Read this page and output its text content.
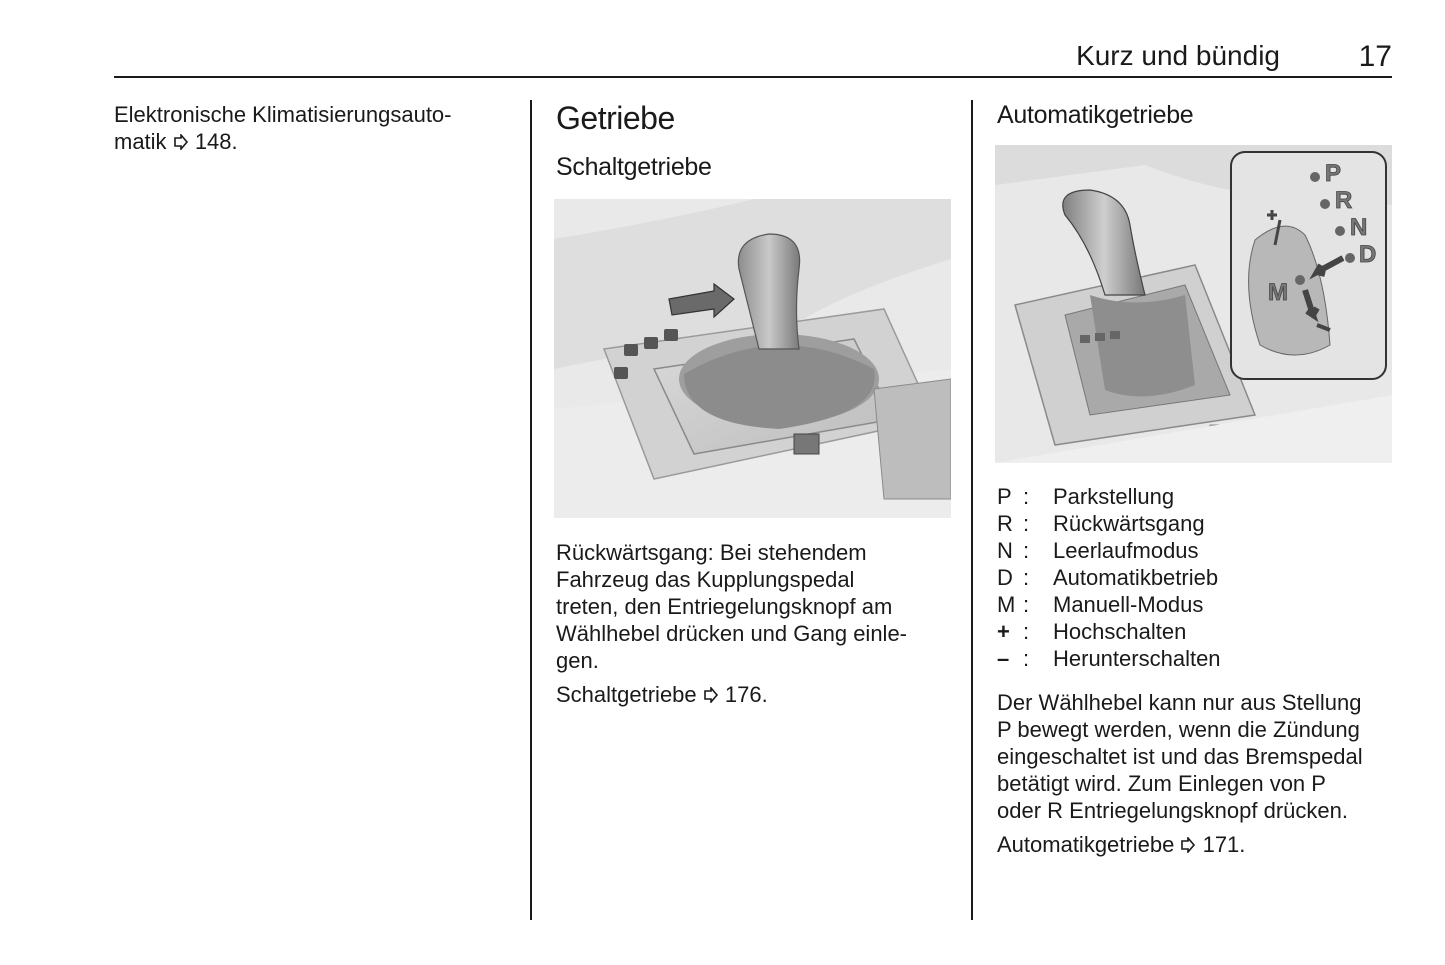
Kurz und bündig	17

Elektronische Klimatisierungsauto-

matik 148.

Getriebe
Schaltgetriebe

Rückwärtsgang: Bei stehendem

Fahrzeug das Kupplungspedal

treten, den Entriegelungsknopf am

Wählhebel drücken und Gang einle-

gen.

Schaltgetriebe 176.

Automatikgetriebe
P
R
N
D
M
P :	Parkstellung
R :	Rückwärtsgang
N :	Leerlaufmodus
D :	Automatikbetrieb
M :	Manuell-Modus
+ :	Hochschalten
– :	Herunterschalten

Der Wählhebel kann nur aus Stellung

P bewegt werden, wenn die Zündung

eingeschaltet ist und das Bremspedal

betätigt wird. Zum Einlegen von P

oder R Entriegelungsknopf drücken.

Automatikgetriebe 171.
